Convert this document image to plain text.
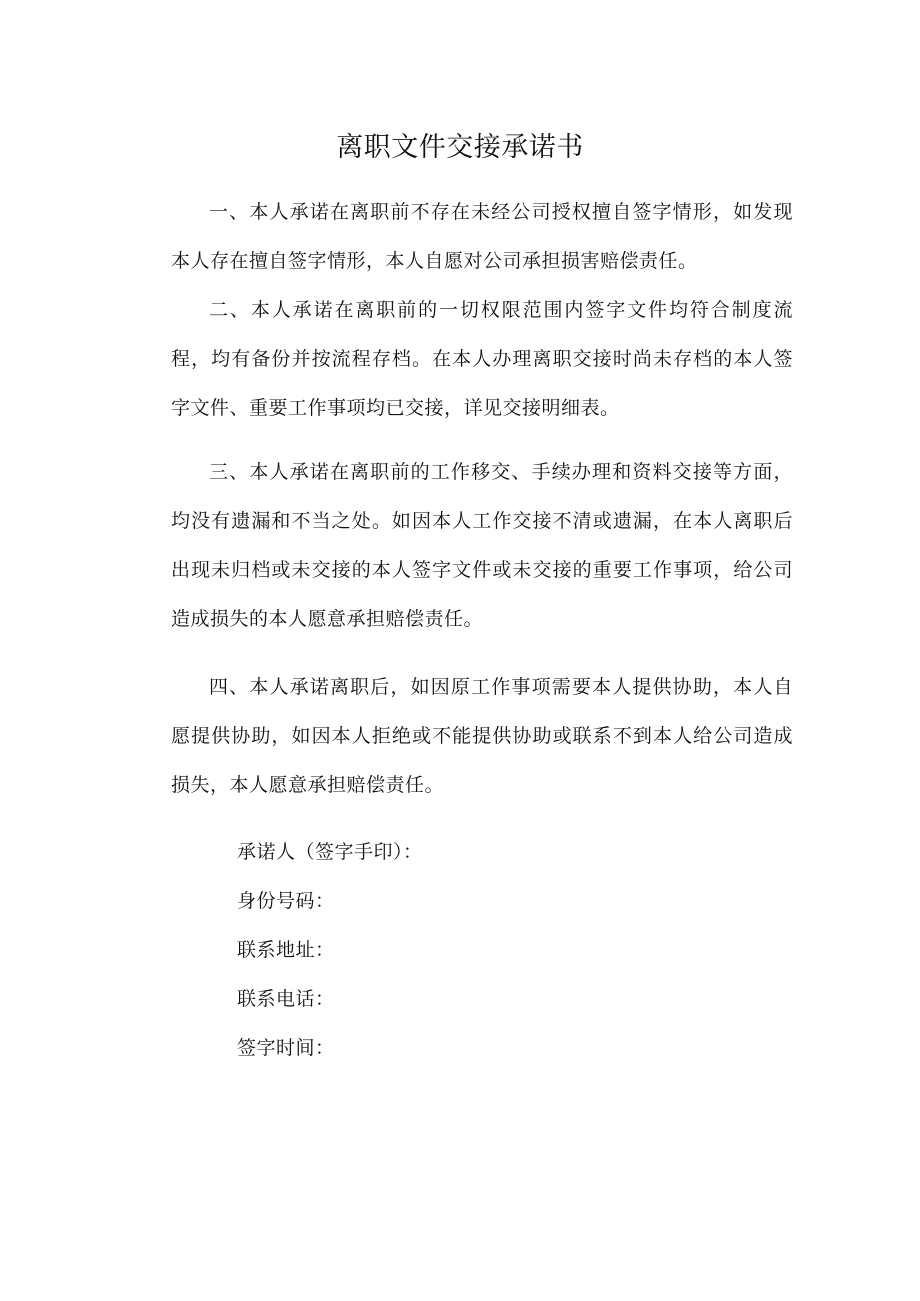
离职文件交接承诺书

一、本人承诺在离职前不存在未经公司授权擅自签字情形，如发现本人存在擅自签字情形，本人自愿对公司承担损害赔偿责任。

二、本人承诺在离职前的一切权限范围内签字文件均符合制度流程，均有备份并按流程存档。在本人办理离职交接时尚未存档的本人签字文件、重要工作事项均已交接，详见交接明细表。

三、本人承诺在离职前的工作移交、手续办理和资料交接等方面，均没有遗漏和不当之处。如因本人工作交接不清或遗漏，在本人离职后出现未归档或未交接的本人签字文件或未交接的重要工作事项，给公司造成损失的本人愿意承担赔偿责任。

四、本人承诺离职后，如因原工作事项需要本人提供协助，本人自愿提供协助，如因本人拒绝或不能提供协助或联系不到本人给公司造成损失，本人愿意承担赔偿责任。

承诺人（签字手印）：

身份号码：

联系地址：

联系电话：

签字时间：
